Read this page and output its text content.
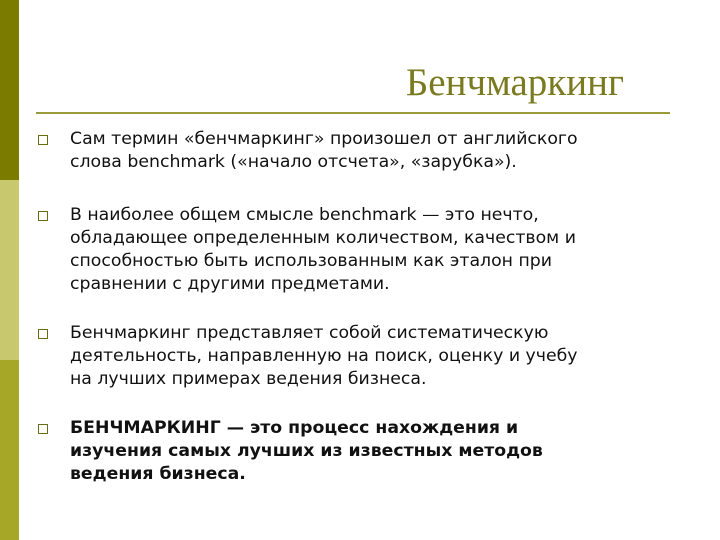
Бенчмаркинг
Сам термин «бенчмаркинг» произошел от английского
слова benchmark («начало отсчета», «зарубка»).
В наиболее общем смысле benchmark — это нечто,
обладающее определенным количеством, качеством и
способностью быть использованным как эталон при
сравнении с другими предметами.
Бенчмаркинг представляет собой систематическую
деятельность, направленную на поиск, оценку и учебу
на лучших примерах ведения бизнеса.
БЕНЧМАРКИНГ — это процесс нахождения и
изучения самых лучших из известных методов
ведения бизнеса.
